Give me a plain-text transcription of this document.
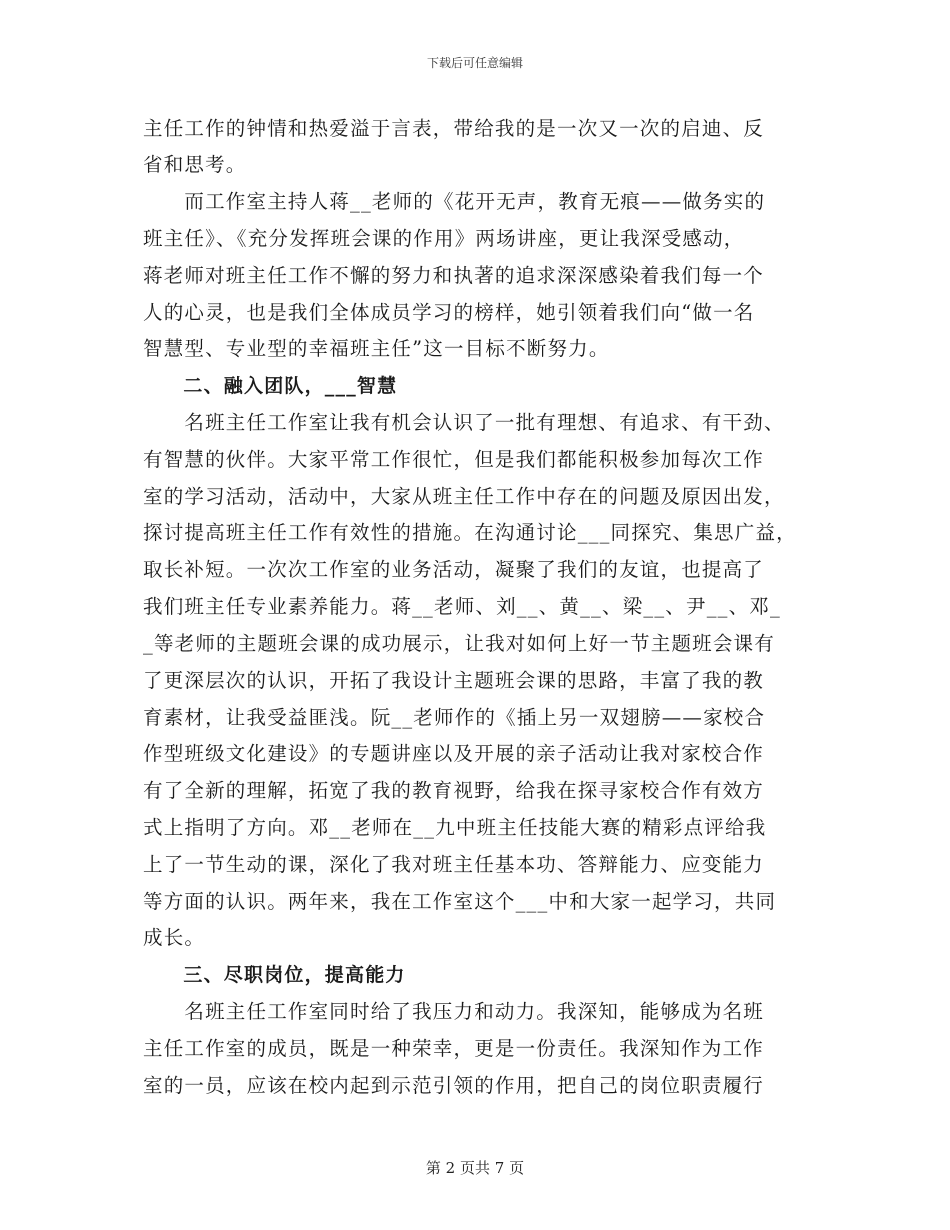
下载后可任意编辑
主任工作的钟情和热爱溢于言表，带给我的是一次又一次的启迪、反
省和思考。
　　而工作室主持人蒋__老师的《花开无声，教育无痕——做务实的
班主任》、《充分发挥班会课的作用》两场讲座，更让我深受感动，
蒋老师对班主任工作不懈的努力和执著的追求深深感染着我们每一个
人的心灵，也是我们全体成员学习的榜样，她引领着我们向“做一名
智慧型、专业型的幸福班主任”这一目标不断努力。
　　二、融入团队，___智慧
　　名班主任工作室让我有机会认识了一批有理想、有追求、有干劲、
有智慧的伙伴。大家平常工作很忙，但是我们都能积极参加每次工作
室的学习活动，活动中，大家从班主任工作中存在的问题及原因出发，
探讨提高班主任工作有效性的措施。在沟通讨论___同探究、集思广益，
取长补短。一次次工作室的业务活动，凝聚了我们的友谊，也提高了
我们班主任专业素养能力。蒋__老师、刘__、黄__、梁__、尹__、邓_
_等老师的主题班会课的成功展示，让我对如何上好一节主题班会课有
了更深层次的认识，开拓了我设计主题班会课的思路，丰富了我的教
育素材，让我受益匪浅。阮__老师作的《插上另一双翅膀——家校合
作型班级文化建设》的专题讲座以及开展的亲子活动让我对家校合作
有了全新的理解，拓宽了我的教育视野，给我在探寻家校合作有效方
式上指明了方向。邓__老师在__九中班主任技能大赛的精彩点评给我
上了一节生动的课，深化了我对班主任基本功、答辩能力、应变能力
等方面的认识。两年来，我在工作室这个___中和大家一起学习，共同
成长。
　　三、尽职岗位，提高能力
　　名班主任工作室同时给了我压力和动力。我深知，能够成为名班
主任工作室的成员，既是一种荣幸，更是一份责任。我深知作为工作
室的一员，应该在校内起到示范引领的作用，把自己的岗位职责履行
第 2 页共 7 页
